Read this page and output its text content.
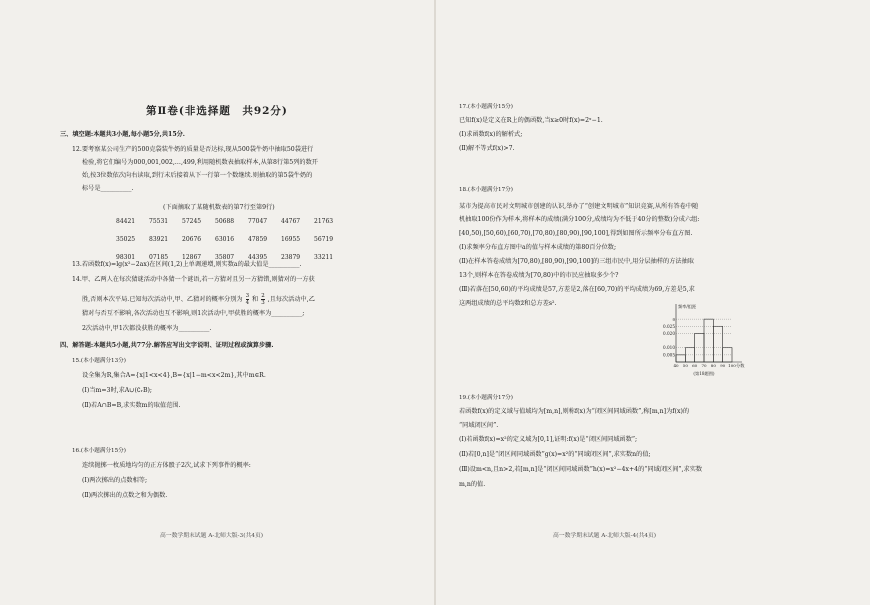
第Ⅱ卷(非选择题　共92分)
三、填空题:本题共3小题,每小题5分,共15分.
12.要考察某公司生产的500克袋装牛奶的质量是否达标,现从500袋牛奶中抽取50袋进行
检验,将它们编号为000,001,002,…,499,利用随机数表抽取样本,从第8行第5列的数开
始,按3位数依次向右读取,到行末后接着从下一行第一个数继续.则抽取的第5袋牛奶的
标号是__________.
(下面摘取了某随机数表的第7行至第9行)
84421	75531	57245	50688	77047	44767	21763

35025	83921	20676	63016	47859	16955	56719

98301	07185	12867	35807	44395	23879	33211
13.若函数f(x)=lg(x²−2ax)在区间(1,2)上单调递增,则实数a的最大值是__________.
14.甲、乙两人在每次猜谜活动中各猜一个谜语,若一方猜对且另一方猜错,则猜对的一方获
胜,否则本次平局.已知每次活动中,甲、乙猜对的概率分别为 $\frac{3}{4}$ 和 $\frac{2}{3}$ ,且每次活动中,乙
猜对与否互不影响,各次活动也互不影响,则1次活动中,甲获胜的概率为__________;
2次活动中,甲1次都没获胜的概率为__________.
四、解答题:本题共5小题,共77分.解答应写出文字说明、证明过程或演算步骤.
15.(本小题满分13分)
设全集为R,集合A={x|1<x<4},B={x|1−m<x<2m},其中m∈R.
(Ⅰ)当m=3时,求A∪(∁ᵣB);
(Ⅱ)若A∩B=B,求实数m的取值范围.
16.(本小题满分15分)
连续抛掷一枚质地均匀的正方体骰子2次,试求下列事件的概率:
(Ⅰ)两次掷出的点数相等;
(Ⅱ)两次掷出的点数之和为偶数.
高一数学期末试题 A-北师大版-3(共4页)
17.(本小题满分15分)
已知f(x)是定义在R上的偶函数,当x≥0时f(x)=2ˣ−1.
(Ⅰ)求函数f(x)的解析式;
(Ⅱ)解不等式f(x)>7.
18.(本小题满分17分)
某市为提高市民对文明城市创建的认识,举办了“创建文明城市”知识竞赛,从所有答卷中随
机抽取100份作为样本,将样本的成绩(满分100分,成绩均为不低于40分的整数)分成六组:
[40,50),[50,60),[60,70),[70,80),[80,90),[90,100],得到如图所示频率分布直方图.
(Ⅰ)求频率分布直方图中a的值与样本成绩的第80百分位数;
(Ⅱ)在样本答卷成绩为[70,80),[80,90),[90,100]的三组市民中,用分层抽样的方法抽取
13个,则样本在答卷成绩为[70,80)中的市民应抽取多少个?
(Ⅲ)若落在[50,60)的平均成绩是57,方差是2,落在[60,70)的平均成绩为69,方差是5,求
这两组成绩的总平均数z̄和总方差s².
a
0.025
0.020
0.010
0.005
40 50 60 70 80 90 100
频率/组距
分数
(第18题图)
19.(本小题满分17分)
若函数f(x)的定义域与值域均为[m,n],则称f(x)为“闭区间同域函数”,称[m,n]为f(x)的
“同域闭区间”.
(Ⅰ)若函数f(x)=x²的定义域为[0,1],证明:f(x)是“闭区间同域函数”;
(Ⅱ)若[0,n]是“闭区间同域函数”g(x)=x²的“同域闭区间”,求实数n的值;
(Ⅲ)设m<n,且n>2,若[m,n]是“闭区间同域函数”h(x)=x²−4x+4的“同域闭区间”,求实数
m,n的值.
高一数学期末试题 A-北师大版-4(共4页)
